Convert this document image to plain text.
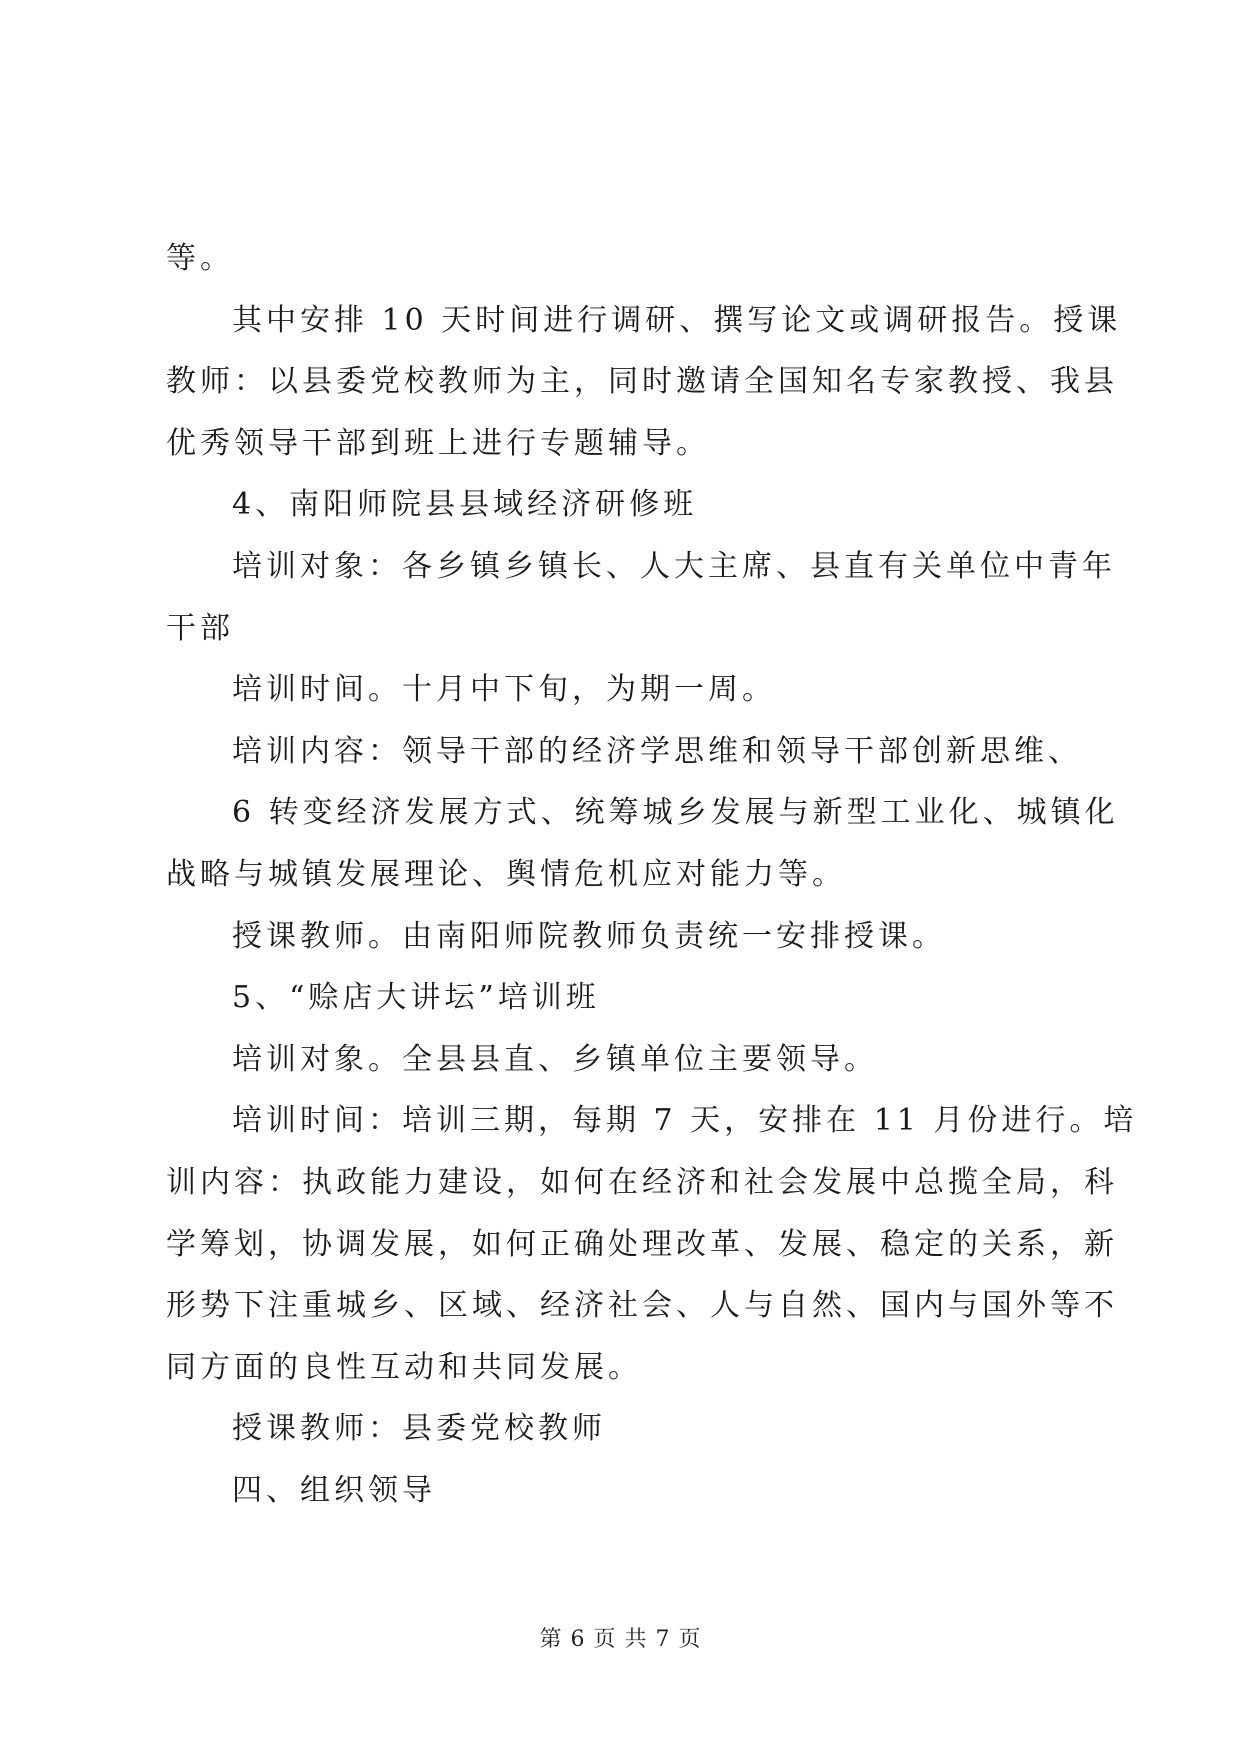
等。
其中安排 10 天时间进行调研、撰写论文或调研报告。授课
教师：以县委党校教师为主，同时邀请全国知名专家教授、我县
优秀领导干部到班上进行专题辅导。
4、南阳师院县县域经济研修班
培训对象：各乡镇乡镇长、人大主席、县直有关单位中青年
干部
培训时间。十月中下旬，为期一周。
培训内容：领导干部的经济学思维和领导干部创新思维、
6 转变经济发展方式、统筹城乡发展与新型工业化、城镇化
战略与城镇发展理论、舆情危机应对能力等。
授课教师。由南阳师院教师负责统一安排授课。
5、“赊店大讲坛”培训班
培训对象。全县县直、乡镇单位主要领导。
培训时间：培训三期，每期 7 天，安排在 11 月份进行。培
训内容：执政能力建设，如何在经济和社会发展中总揽全局，科
学筹划，协调发展，如何正确处理改革、发展、稳定的关系，新
形势下注重城乡、区域、经济社会、人与自然、国内与国外等不
同方面的良性互动和共同发展。
授课教师：县委党校教师
四、组织领导
第 6 页 共 7 页
